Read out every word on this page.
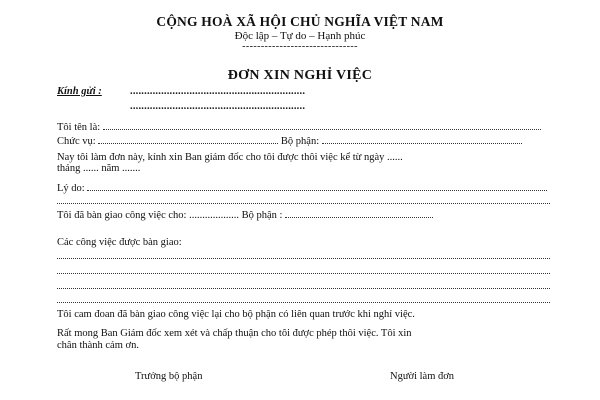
CỘNG HOÀ XÃ HỘI CHỦ NGHĨA VIỆT NAM
Độc lập – Tự do – Hạnh phúc
-------------------------------
ĐƠN XIN NGHỈ VIỆC
Kính gửi :	..............................................................
..............................................................
Tôi tên là:
Chức vụ:	Bộ phận:
Nay tôi làm đơn này, kính xin Ban giám đốc cho tôi được thôi việc kể từ ngày ......
tháng ...... năm .......
Lý do:
Tôi đã bàn giao công việc cho: ................... Bộ phận :
Các công việc được bàn giao:
Tôi cam đoan đã bàn giao công việc lại cho bộ phận có liên quan trước khi nghỉ việc.
Rất mong Ban Giám đốc xem xét và chấp thuận cho tôi được phép thôi việc. Tôi xin
chân thành cảm ơn.
Trưởng bộ phận	Người làm đơn
